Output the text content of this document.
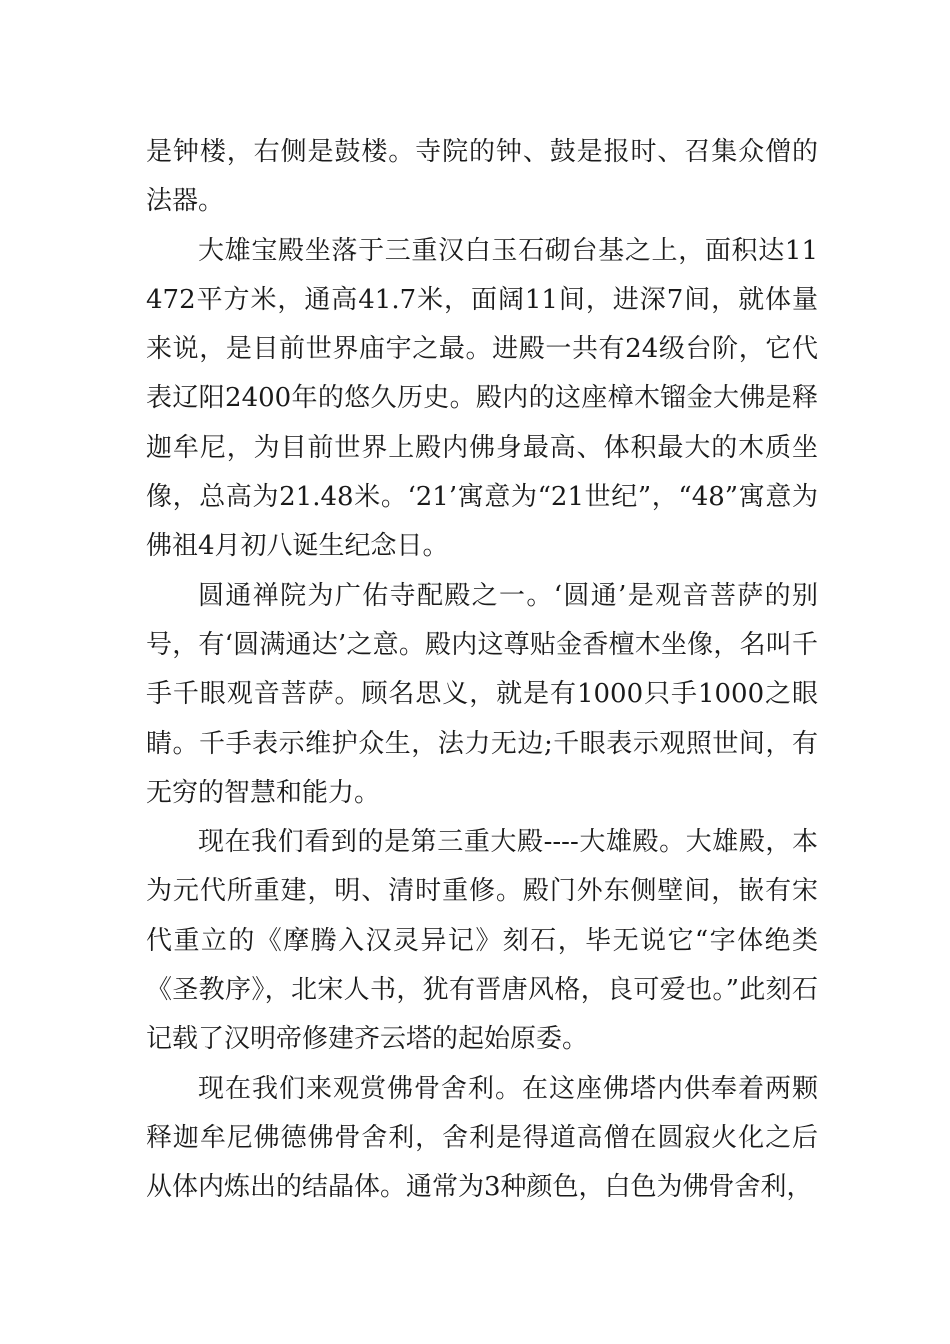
是钟楼，右侧是鼓楼。寺院的钟、鼓是报时、召集众僧的法器。

大雄宝殿坐落于三重汉白玉石砌台基之上，面积达11472平方米，通高41.7米，面阔11间，进深7间，就体量来说，是目前世界庙宇之最。进殿一共有24级台阶，它代表辽阳2400年的悠久历史。殿内的这座樟木镏金大佛是释迦牟尼，为目前世界上殿内佛身最高、体积最大的木质坐像，总高为21.48米。‘21’寓意为“21世纪”，“48”寓意为佛祖4月初八诞生纪念日。

圆通禅院为广佑寺配殿之一。‘圆通’是观音菩萨的别号，有‘圆满通达’之意。殿内这尊贴金香檀木坐像，名叫千手千眼观音菩萨。顾名思义，就是有1000只手1000之眼睛。千手表示维护众生，法力无边;千眼表示观照世间，有无穷的智慧和能力。

现在我们看到的是第三重大殿----大雄殿。大雄殿，本为元代所重建，明、清时重修。殿门外东侧壁间，嵌有宋代重立的《摩腾入汉灵异记》刻石，毕无说它“字体绝类《圣教序》，北宋人书，犹有晋唐风格，良可爱也。”此刻石记载了汉明帝修建齐云塔的起始原委。

现在我们来观赏佛骨舍利。在这座佛塔内供奉着两颗释迦牟尼佛德佛骨舍利，舍利是得道高僧在圆寂火化之后从体内炼出的结晶体。通常为3种颜色，白色为佛骨舍利，
